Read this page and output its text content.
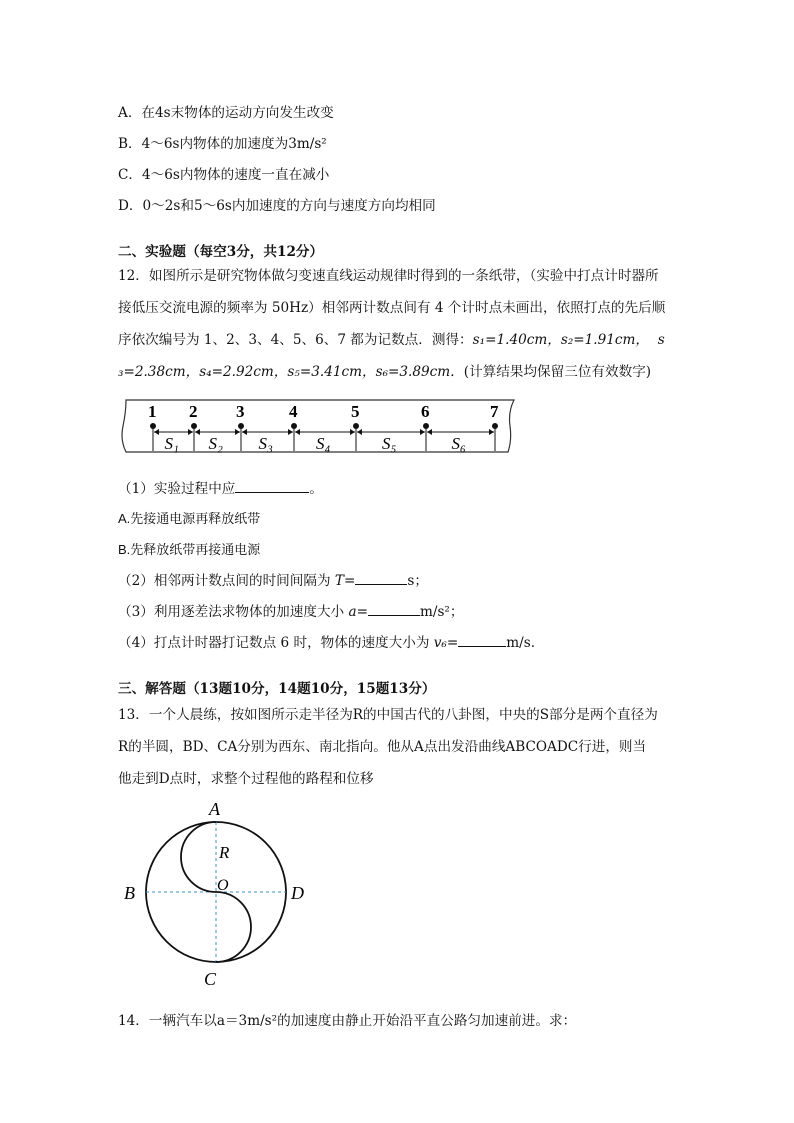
A．在4s末物体的运动方向发生改变
B．4～6s内物体的加速度为3m/s²
C．4～6s内物体的速度一直在减小
D．0～2s和5～6s内加速度的方向与速度方向均相同
二、实验题（每空3分，共12分）
12．如图所示是研究物体做匀变速直线运动规律时得到的一条纸带，（实验中打点计时器所
接低压交流电源的频率为 50Hz）相邻两计数点间有 4 个计时点未画出，依照打点的先后顺
序依次编号为 1、2、3、4、5、6、7 都为记数点．测得：s₁=1.40cm，s₂=1.91cm， s
₃=2.38cm，s₄=2.92cm，s₅=3.41cm，s₆=3.89cm．(计算结果均保留三位有效数字)
1 2 3	4	5	6	7
S₁ S₂ S₃	S₄	S₅	S₆
（1）实验过程中应	。
A.先接通电源再释放纸带
B.先释放纸带再接通电源
（2）相邻两计数点间的时间间隔为 T=	s；
（3）利用逐差法求物体的加速度大小 a=	m/s²；
（4）打点计时器打记数点 6 时，物体的速度大小为 v₆=	m/s.
三、解答题（13题10分，14题10分，15题13分）
13．一个人晨练，按如图所示走半径为R的中国古代的八卦图，中央的S部分是两个直径为
R的半圆，BD、CA分别为西东、南北指向。他从A点出发沿曲线ABCOADC行进，则当
他走到D点时，求整个过程他的路程和位移
A
B
C
D
O
R
14．一辆汽车以a＝3m/s²的加速度由静止开始沿平直公路匀加速前进。求：
